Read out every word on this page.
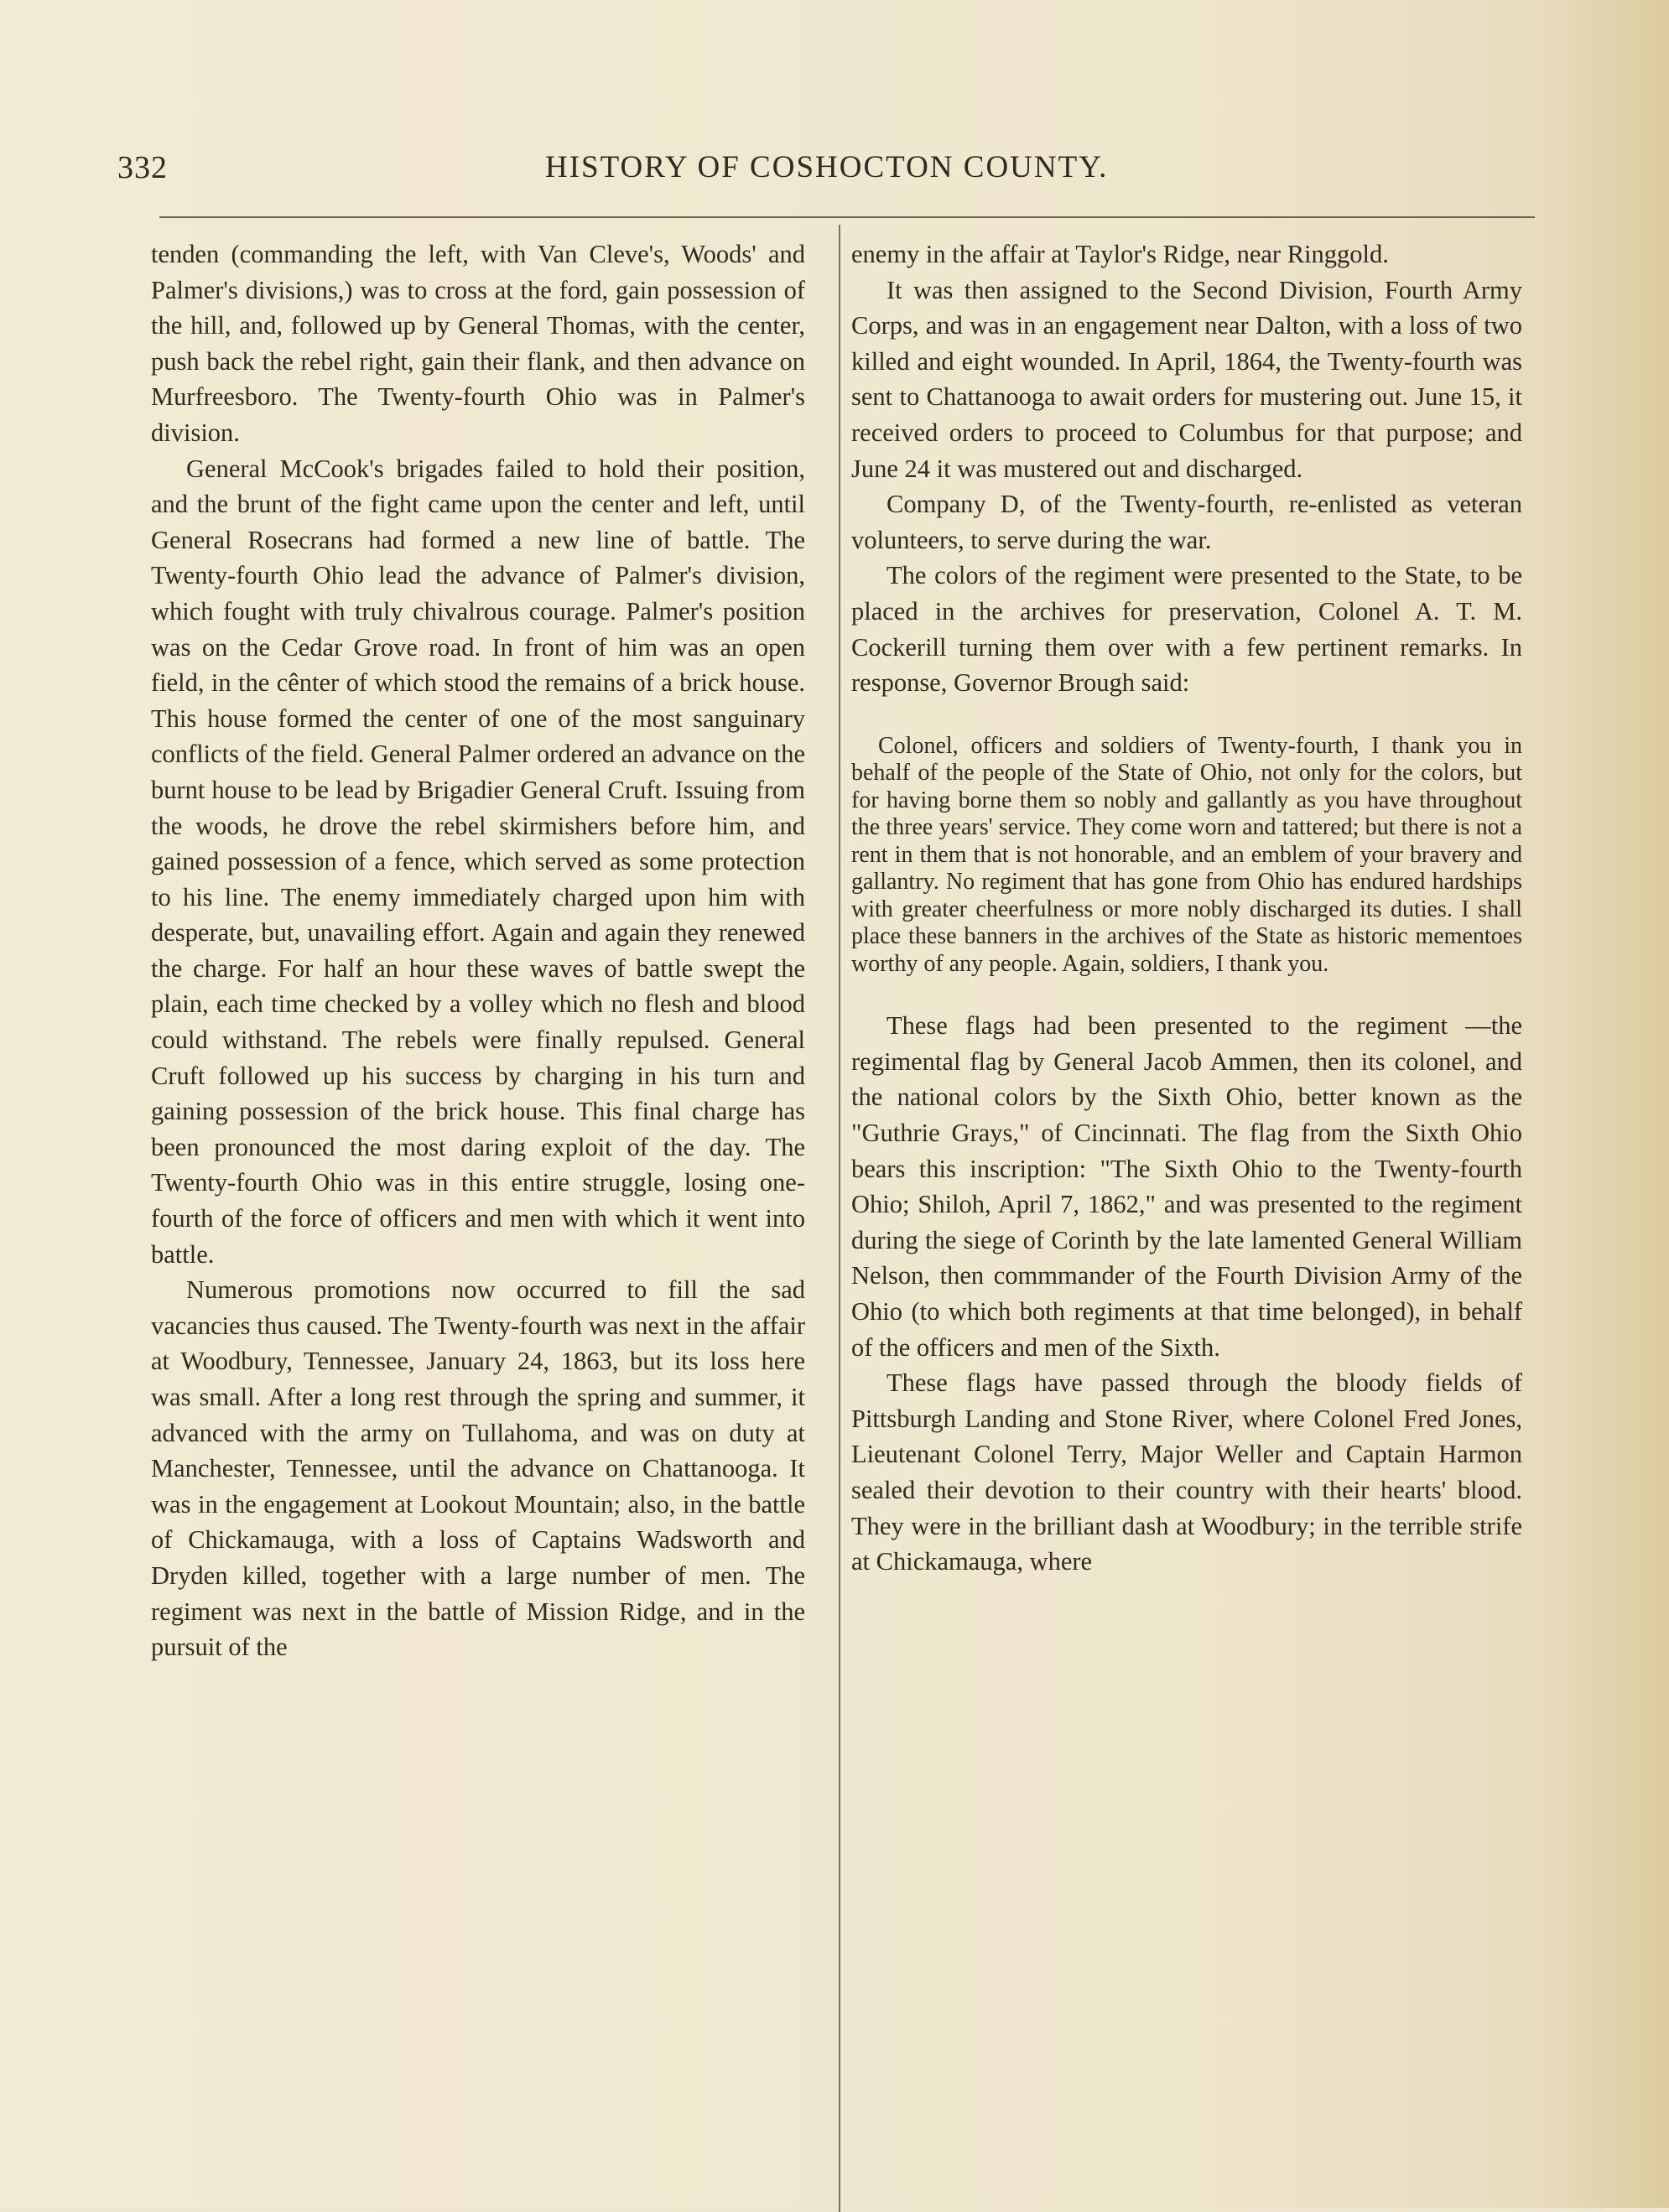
332	HISTORY OF COSHOCTON COUNTY.

tenden (commanding the left, with Van Cleve's, Woods' and Palmer's divisions,) was to cross at the ford, gain possession of the hill, and, followed up by General Thomas, with the center, push back the rebel right, gain their flank, and then advance on Murfreesboro. The Twenty-fourth Ohio was in Palmer's division.

General McCook's brigades failed to hold their position, and the brunt of the fight came upon the center and left, until General Rosecrans had formed a new line of battle. The Twenty-fourth Ohio lead the advance of Palmer's division, which fought with truly chivalrous courage. Palmer's position was on the Cedar Grove road. In front of him was an open field, in the cênter of which stood the remains of a brick house. This house formed the center of one of the most sanguinary conflicts of the field. General Palmer ordered an advance on the burnt house to be lead by Brigadier General Cruft. Issuing from the woods, he drove the rebel skirmishers before him, and gained possession of a fence, which served as some protection to his line. The enemy immediately charged upon him with desperate, but, unavailing effort. Again and again they renewed the charge. For half an hour these waves of battle swept the plain, each time checked by a volley which no flesh and blood could withstand. The rebels were finally repulsed. General Cruft followed up his success by charging in his turn and gaining possession of the brick house. This final charge has been pronounced the most daring exploit of the day. The Twenty-fourth Ohio was in this entire struggle, losing one-fourth of the force of officers and men with which it went into battle.

Numerous promotions now occurred to fill the sad vacancies thus caused. The Twenty-fourth was next in the affair at Woodbury, Tennessee, January 24, 1863, but its loss here was small. After a long rest through the spring and summer, it advanced with the army on Tullahoma, and was on duty at Manchester, Tennessee, until the advance on Chattanooga. It was in the engagement at Lookout Mountain; also, in the battle of Chickamauga, with a loss of Captains Wadsworth and Dryden killed, together with a large number of men. The regiment was next in the battle of Mission Ridge, and in the pursuit of the

enemy in the affair at Taylor's Ridge, near Ringgold.

It was then assigned to the Second Division, Fourth Army Corps, and was in an engagement near Dalton, with a loss of two killed and eight wounded. In April, 1864, the Twenty-fourth was sent to Chattanooga to await orders for mustering out. June 15, it received orders to proceed to Columbus for that purpose; and June 24 it was mustered out and discharged.

Company D, of the Twenty-fourth, re-enlisted as veteran volunteers, to serve during the war.

The colors of the regiment were presented to the State, to be placed in the archives for preservation, Colonel A. T. M. Cockerill turning them over with a few pertinent remarks. In response, Governor Brough said:

Colonel, officers and soldiers of Twenty-fourth, I thank you in behalf of the people of the State of Ohio, not only for the colors, but for having borne them so nobly and gallantly as you have throughout the three years' service. They come worn and tattered; but there is not a rent in them that is not honorable, and an emblem of your bravery and gallantry. No regiment that has gone from Ohio has endured hardships with greater cheerfulness or more nobly discharged its duties. I shall place these banners in the archives of the State as historic mementoes worthy of any people. Again, soldiers, I thank you.

These flags had been presented to the regiment —the regimental flag by General Jacob Ammen, then its colonel, and the national colors by the Sixth Ohio, better known as the "Guthrie Grays," of Cincinnati. The flag from the Sixth Ohio bears this inscription: "The Sixth Ohio to the Twenty-fourth Ohio; Shiloh, April 7, 1862," and was presented to the regiment during the siege of Corinth by the late lamented General William Nelson, then commmander of the Fourth Division Army of the Ohio (to which both regiments at that time belonged), in behalf of the officers and men of the Sixth.

These flags have passed through the bloody fields of Pittsburgh Landing and Stone River, where Colonel Fred Jones, Lieutenant Colonel Terry, Major Weller and Captain Harmon sealed their devotion to their country with their hearts' blood. They were in the brilliant dash at Woodbury; in the terrible strife at Chickamauga, where
